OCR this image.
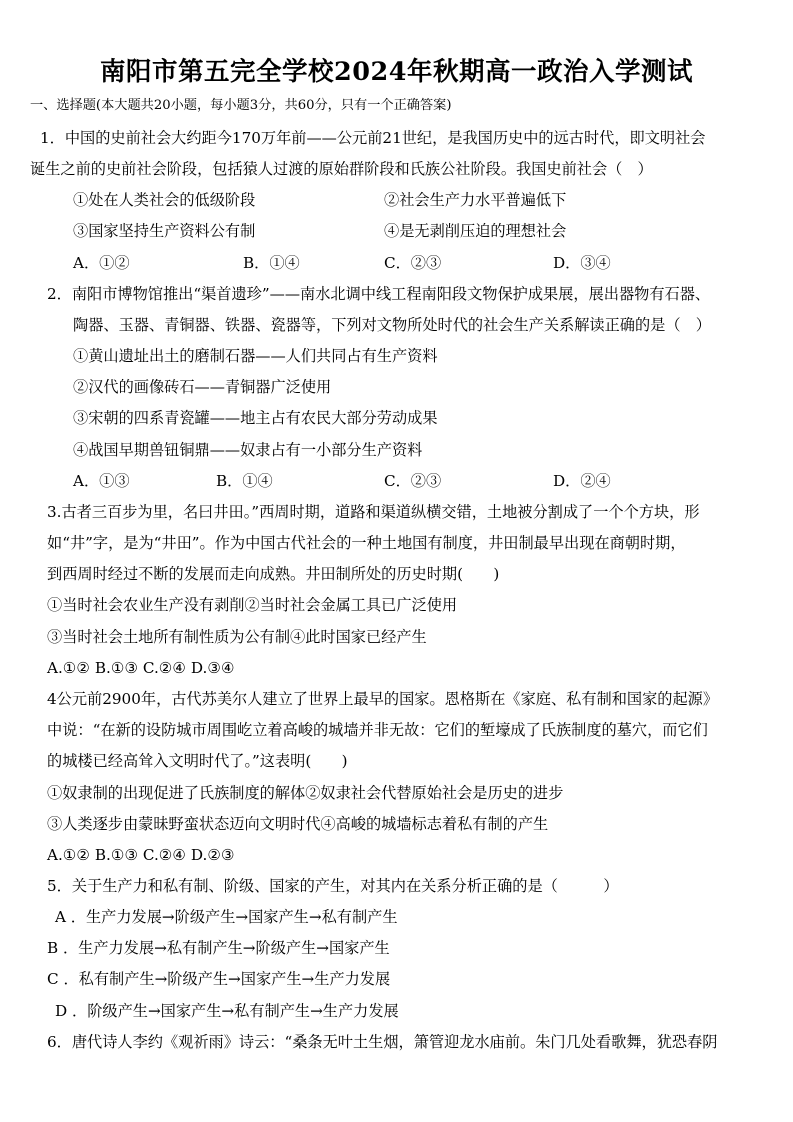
南阳市第五完全学校2024年秋期高一政治入学测试
一、选择题(本大题共20小题，每小题3分，共60分，只有一个正确答案)
1．中国的史前社会大约距今170万年前——公元前21世纪，是我国历史中的远古时代，即文明社会
诞生之前的史前社会阶段，包括猿人过渡的原始群阶段和氏族公社阶段。我国史前社会（　）
①处在人类社会的低级阶段	②社会生产力水平普遍低下
③国家坚持生产资料公有制	④是无剥削压迫的理想社会
A．①②	B．①④	C．②③	D．③④
2．南阳市博物馆推出“渠首遗珍”——南水北调中线工程南阳段文物保护成果展，展出器物有石器、
陶器、玉器、青铜器、铁器、瓷器等，下列对文物所处时代的社会生产关系解读正确的是（　）
①黄山遗址出土的磨制石器——人们共同占有生产资料
②汉代的画像砖石——青铜器广泛使用
③宋朝的四系青瓷罐——地主占有农民大部分劳动成果
④战国早期兽钮铜鼎——奴隶占有一小部分生产资料
A．①③	B．①④	C．②③	D．②④
3.古者三百步为里，名曰井田。”西周时期，道路和渠道纵横交错，土地被分割成了一个个方块，形
如“井”字，是为“井田”。作为中国古代社会的一种土地国有制度，井田制最早出现在商朝时期，
到西周时经过不断的发展而走向成熟。井田制所处的历史时期(　　)
①当时社会农业生产没有剥削②当时社会金属工具已广泛使用
③当时社会土地所有制性质为公有制④此时国家已经产生
A.①② B.①③ C.②④ D.③④
4公元前2900年，古代苏美尔人建立了世界上最早的国家。恩格斯在《家庭、私有制和国家的起源》
中说：“在新的设防城市周围屹立着高峻的城墙并非无故：它们的堑壕成了氏族制度的墓穴，而它们
的城楼已经高耸入文明时代了。”这表明(　　)
①奴隶制的出现促进了氏族制度的解体②奴隶社会代替原始社会是历史的进步
③人类逐步由蒙昧野蛮状态迈向文明时代④高峻的城墙标志着私有制的产生
A.①② B.①③ C.②④ D.②③
5．关于生产力和私有制、阶级、国家的产生，对其内在关系分析正确的是（　　　）
A ．生产力发展→阶级产生→国家产生→私有制产生
B ．生产力发展→私有制产生→阶级产生→国家产生
C ．私有制产生→阶级产生→国家产生→生产力发展
D ．阶级产生→国家产生→私有制产生→生产力发展
6．唐代诗人李约《观祈雨》诗云：“桑条无叶土生烟，箫管迎龙水庙前。朱门几处看歌舞，犹恐春阴
